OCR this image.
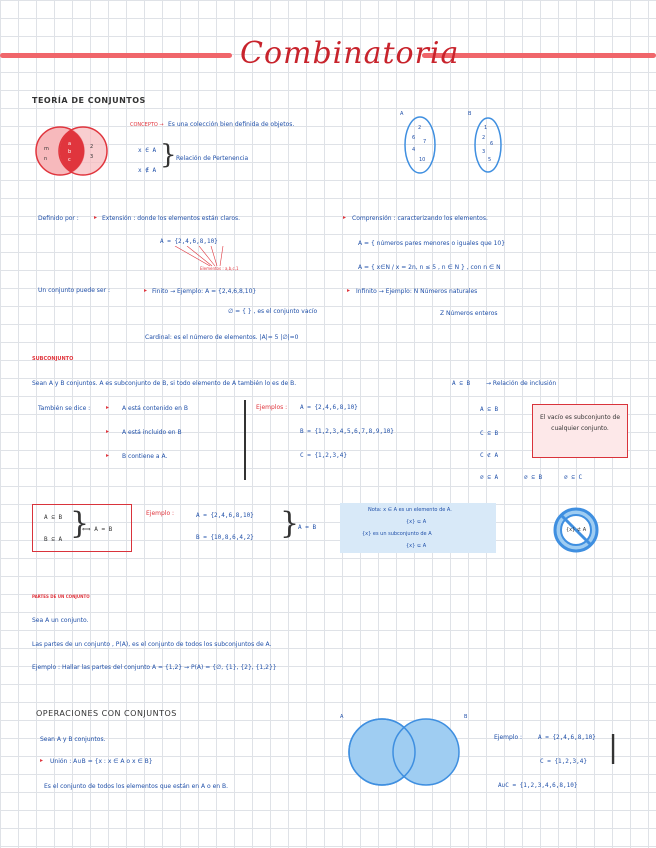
Combinatoria
TEORÍA DE CONJUNTOS
a
b
c
m
n
2
3
CONCEPTO → Es una colección bien definida de objetos.
x ∈ A
x ∉ A
} Relación de Pertenencia
A
2
6
7
4
10
B
1
2
6
3
5
Definido por :	▸ Extensión : donde los elementos están claros.
A = {2,4,6,8,10}
Elementos : a,b,c,1
▸ Comprensión : caracterizando los elementos.
A = { números pares menores o iguales que 10}
A = { x∈N / x = 2n, n ≤ 5 , n ∈ N } , con n ∈ N
Un conjunto puede ser :	▸ Finito → Ejemplo: A = {2,4,6,8,10}
∅ = { } , es el conjunto vacío
▸ Infinito → Ejemplo: N Números naturales
Z Números enteros
Cardinal: es el número de elementos. |A|= 5 |∅|=0
SUBCONJUNTO
Sean A y B conjuntos. A es subconjunto de B, si todo elemento de A también lo es de B.	A ⊆ B	→ Relación de inclusión
También se dice :	▸ A está contenido en B
▸ A está incluido en B
▸ B contiene a A.
Ejemplos : A = {2,4,6,8,10}
B = {1,2,3,4,5,6,7,8,9,10}
C = {1,2,3,4}
A ⊆ B
C ⊆ B
C ⊄ A
∅ ⊆ A	∅ ⊆ B	∅ ⊆ C
El vacío es subconjunto de cualquier conjunto.
A ⊆ B
B ⊆ A }
⟺ A = B
Ejemplo :	A = {2,4,6,8,10}
B = {10,8,6,4,2} }
A = B
Nota: x ∈ A es un elemento de A.
{x} ⊆ A
{x} es un subconjunto de A
{x} ⊆ A
{x} ⊄ A
PARTES DE UN CONJUNTO
Sea A un conjunto.
Las partes de un conjunto , P(A), es el conjunto de todos los subconjuntos de A.
Ejemplo : Hallar las partes del conjunto A = {1,2} → P(A) = {∅, {1}, {2}, {1,2}}
OPERACIONES CON CONJUNTOS
Sean A y B conjuntos.
▸ Unión : A∪B = {x : x ∈ A o x ∈ B}
Es el conjunto de todos los elementos que están en A o en B.
A	B
Ejemplo :	A = {2,4,6,8,10}
C = {1,2,3,4} |
A∪C = {1,2,3,4,6,8,10}
